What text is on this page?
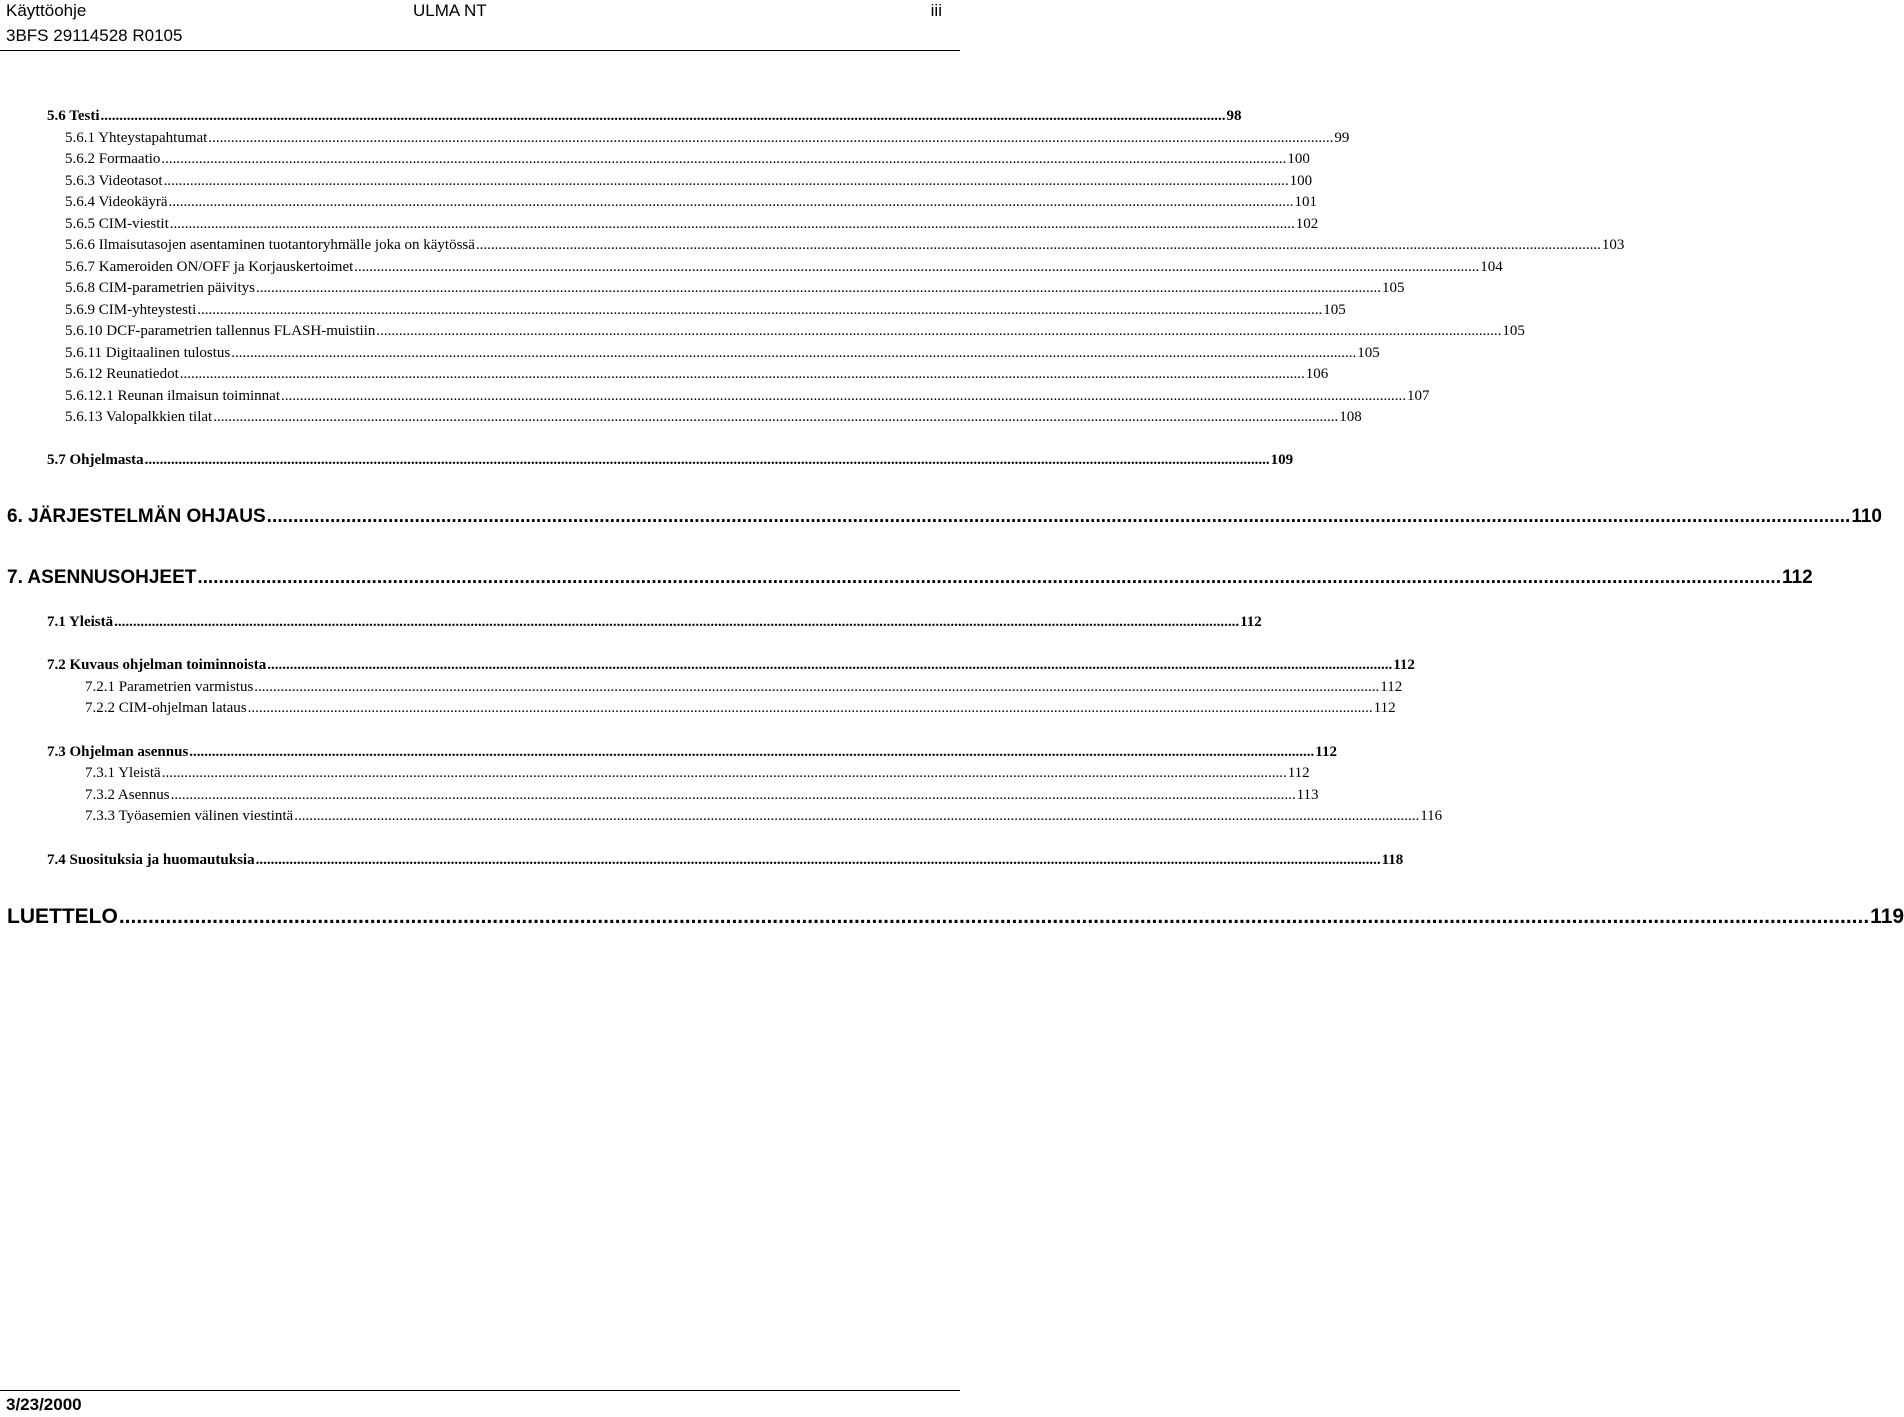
Käyttöohje
3BFS 29114528 R0105
ULMA NT	iii
5.6 Testi ............................................................................................................................................................................................................................................................................................................ 98
5.6.1 Yhteystapahtumat ............................................................................................................................................................................................................................................................................................................ 99
5.6.2 Formaatio ............................................................................................................................................................................................................................................................................................................ 100
5.6.3 Videotasot ............................................................................................................................................................................................................................................................................................................ 100
5.6.4 Videokäyrä ............................................................................................................................................................................................................................................................................................................ 101
5.6.5 CIM-viestit ............................................................................................................................................................................................................................................................................................................ 102
5.6.6 Ilmaisutasojen asentaminen tuotantoryhmälle joka on käytössä ............................................................................................................................................................................................................................................................................................................ 103
5.6.7 Kameroiden ON/OFF ja Korjauskertoimet ............................................................................................................................................................................................................................................................................................................ 104
5.6.8 CIM-parametrien päivitys ............................................................................................................................................................................................................................................................................................................ 105
5.6.9 CIM-yhteystesti ............................................................................................................................................................................................................................................................................................................ 105
5.6.10 DCF-parametrien tallennus FLASH-muistiin ............................................................................................................................................................................................................................................................................................................ 105
5.6.11 Digitaalinen tulostus ............................................................................................................................................................................................................................................................................................................ 105
5.6.12 Reunatiedot ............................................................................................................................................................................................................................................................................................................ 106
5.6.12.1 Reunan ilmaisun toiminnat ............................................................................................................................................................................................................................................................................................................ 107
5.6.13 Valopalkkien tilat ............................................................................................................................................................................................................................................................................................................ 108
5.7 Ohjelmasta ............................................................................................................................................................................................................................................................................................................ 109
6. JÄRJESTELMÄN OHJAUS ............................................................................................................................................................................................................................................................................................................ 110
7. ASENNUSOHJEET ............................................................................................................................................................................................................................................................................................................ 112
7.1 Yleistä ............................................................................................................................................................................................................................................................................................................ 112
7.2 Kuvaus ohjelman toiminnoista ............................................................................................................................................................................................................................................................................................................ 112
7.2.1 Parametrien varmistus ............................................................................................................................................................................................................................................................................................................ 112
7.2.2 CIM-ohjelman lataus ............................................................................................................................................................................................................................................................................................................ 112
7.3 Ohjelman asennus ............................................................................................................................................................................................................................................................................................................ 112
7.3.1 Yleistä ............................................................................................................................................................................................................................................................................................................ 112
7.3.2 Asennus ............................................................................................................................................................................................................................................................................................................ 113
7.3.3 Työasemien välinen viestintä ............................................................................................................................................................................................................................................................................................................ 116
7.4 Suosituksia ja huomautuksia ............................................................................................................................................................................................................................................................................................................ 118
LUETTELO ............................................................................................................................................................................................................................................................................................................ 119
3/23/2000
